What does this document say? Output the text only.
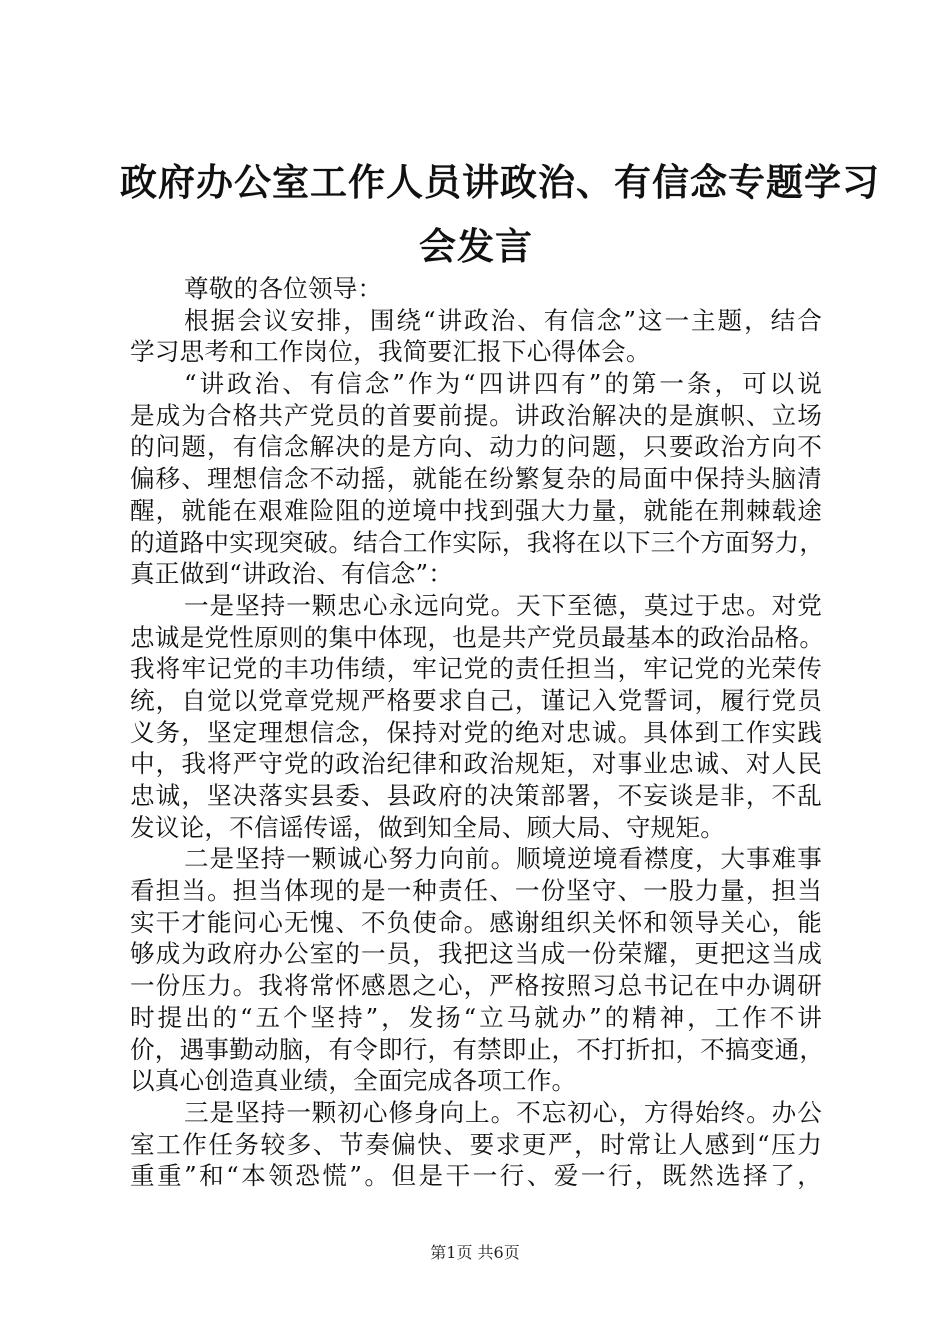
政府办公室工作人员讲政治、有信念专题学习
会发言
尊敬的各位领导：
根据会议安排，围绕“讲政治、有信念”这一主题，结合
学习思考和工作岗位，我简要汇报下心得体会。
“讲政治、有信念”作为“四讲四有”的第一条，可以说
是成为合格共产党员的首要前提。讲政治解决的是旗帜、立场
的问题，有信念解决的是方向、动力的问题，只要政治方向不
偏移、理想信念不动摇，就能在纷繁复杂的局面中保持头脑清
醒，就能在艰难险阻的逆境中找到强大力量，就能在荆棘载途
的道路中实现突破。结合工作实际，我将在以下三个方面努力，
真正做到“讲政治、有信念”：
一是坚持一颗忠心永远向党。天下至德，莫过于忠。对党
忠诚是党性原则的集中体现，也是共产党员最基本的政治品格。
我将牢记党的丰功伟绩，牢记党的责任担当，牢记党的光荣传
统，自觉以党章党规严格要求自己，谨记入党誓词，履行党员
义务，坚定理想信念，保持对党的绝对忠诚。具体到工作实践
中，我将严守党的政治纪律和政治规矩，对事业忠诚、对人民
忠诚，坚决落实县委、县政府的决策部署，不妄谈是非，不乱
发议论，不信谣传谣，做到知全局、顾大局、守规矩。
二是坚持一颗诚心努力向前。顺境逆境看襟度，大事难事
看担当。担当体现的是一种责任、一份坚守、一股力量，担当
实干才能问心无愧、不负使命。感谢组织关怀和领导关心，能
够成为政府办公室的一员，我把这当成一份荣耀，更把这当成
一份压力。我将常怀感恩之心，严格按照习总书记在中办调研
时提出的“五个坚持”，发扬“立马就办”的精神，工作不讲
价，遇事勤动脑，有令即行，有禁即止，不打折扣，不搞变通，
以真心创造真业绩，全面完成各项工作。
三是坚持一颗初心修身向上。不忘初心，方得始终。办公
室工作任务较多、节奏偏快、要求更严，时常让人感到“压力
重重”和“本领恐慌”。但是干一行、爱一行，既然选择了，
第1页 共6页
